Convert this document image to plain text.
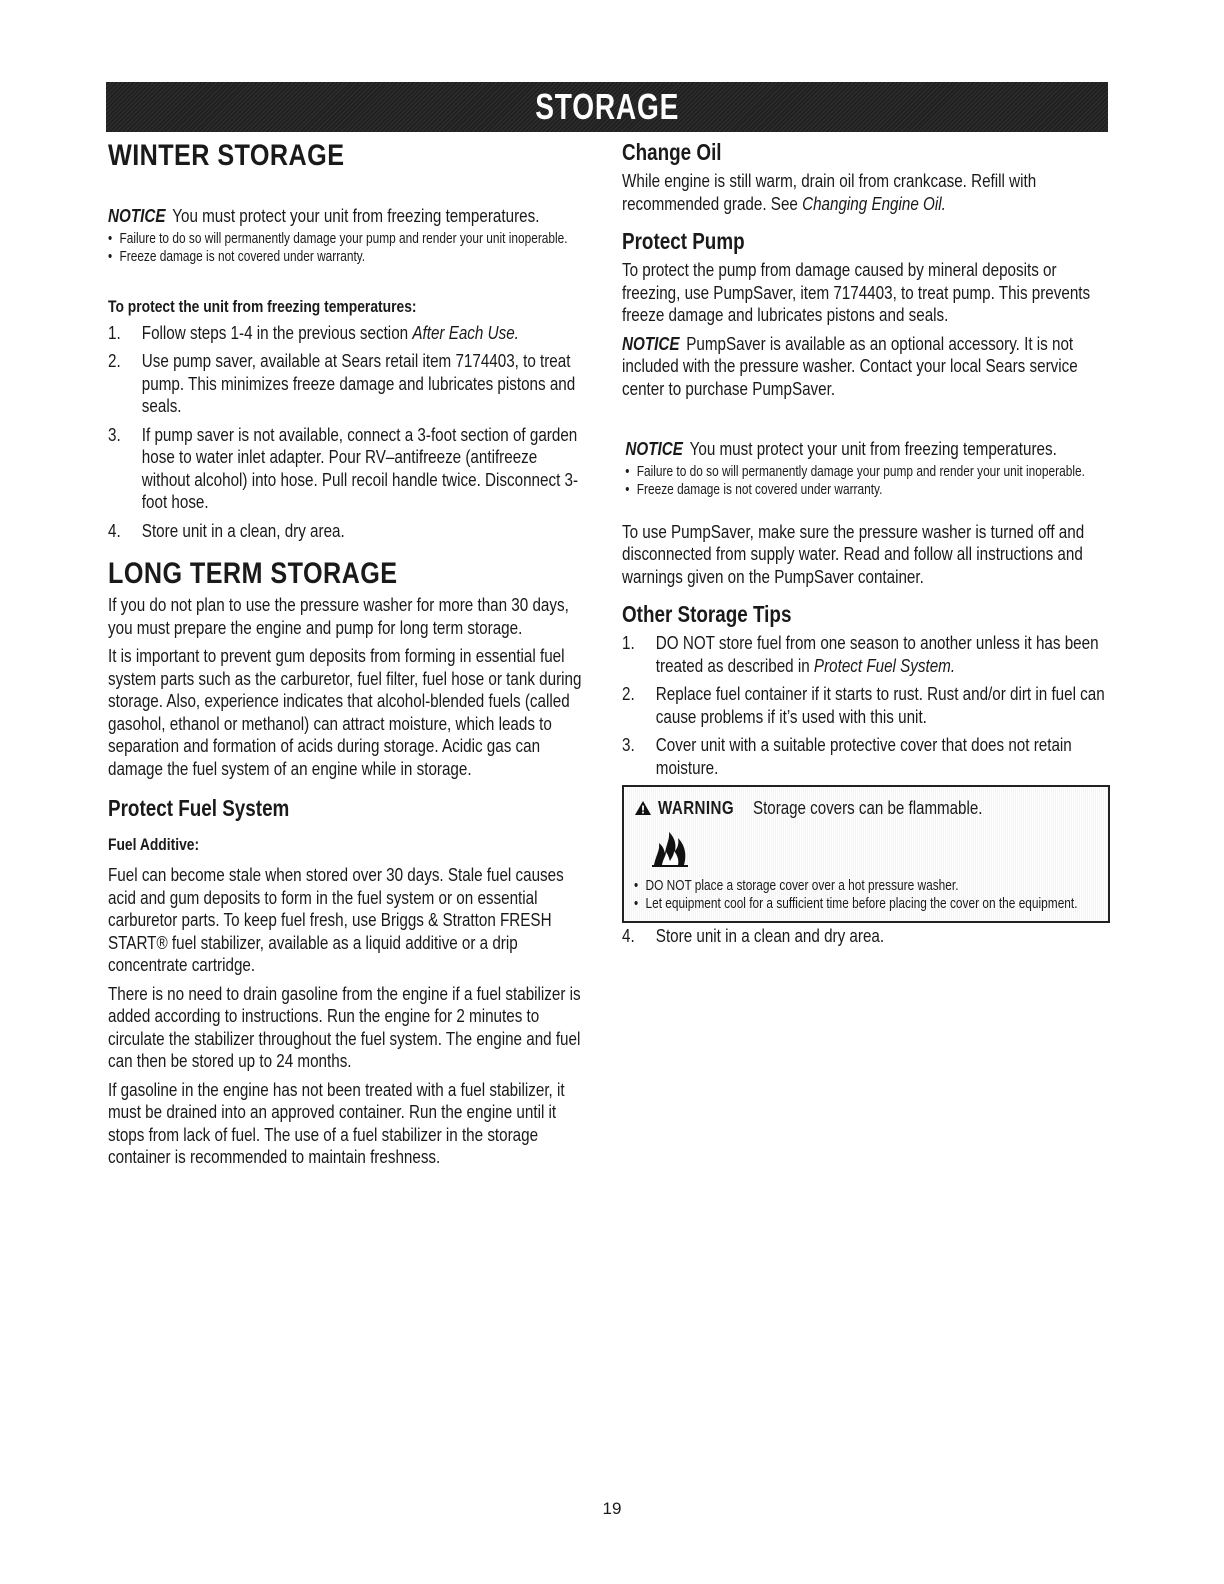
STORAGE
WINTER STORAGE

NOTICE You must protect your unit from freezing temperatures.

• Failure to do so will permanently damage your pump and render your unit inoperable.
• Freeze damage is not covered under warranty.
To protect the unit from freezing temperatures:
1. Follow steps 1-4 in the previous section After Each Use.
2. Use pump saver, available at Sears retail item 7174403, to treat pump. This minimizes freeze damage and lubricates pistons and seals.
3. If pump saver is not available, connect a 3-foot section of garden hose to water inlet adapter. Pour RV–antifreeze (antifreeze without alcohol) into hose. Pull recoil handle twice. Disconnect 3-foot hose.
4. Store unit in a clean, dry area.
LONG TERM STORAGE

If you do not plan to use the pressure washer for more than 30 days, you must prepare the engine and pump for long term storage.

It is important to prevent gum deposits from forming in essential fuel system parts such as the carburetor, fuel filter, fuel hose or tank during storage. Also, experience indicates that alcohol-blended fuels (called gasohol, ethanol or methanol) can attract moisture, which leads to separation and formation of acids during storage. Acidic gas can damage the fuel system of an engine while in storage.

Protect Fuel System
Fuel Additive:

Fuel can become stale when stored over 30 days. Stale fuel causes acid and gum deposits to form in the fuel system or on essential carburetor parts. To keep fuel fresh, use Briggs & Stratton FRESH START® fuel stabilizer, available as a liquid additive or a drip concentrate cartridge.

There is no need to drain gasoline from the engine if a fuel stabilizer is added according to instructions. Run the engine for 2 minutes to circulate the stabilizer throughout the fuel system. The engine and fuel can then be stored up to 24 months.

If gasoline in the engine has not been treated with a fuel stabilizer, it must be drained into an approved container. Run the engine until it stops from lack of fuel. The use of a fuel stabilizer in the storage container is recommended to maintain freshness.

Change Oil

While engine is still warm, drain oil from crankcase. Refill with recommended grade. See Changing Engine Oil.

Protect Pump

To protect the pump from damage caused by mineral deposits or freezing, use PumpSaver, item 7174403, to treat pump. This prevents freeze damage and lubricates pistons and seals.

NOTICE PumpSaver is available as an optional accessory. It is not included with the pressure washer. Contact your local Sears service center to purchase PumpSaver.

NOTICE You must protect your unit from freezing temperatures.

• Failure to do so will permanently damage your pump and render your unit inoperable.
• Freeze damage is not covered under warranty.

To use PumpSaver, make sure the pressure washer is turned off and disconnected from supply water. Read and follow all instructions and warnings given on the PumpSaver container.

Other Storage Tips
1. DO NOT store fuel from one season to another unless it has been treated as described in Protect Fuel System.
2. Replace fuel container if it starts to rust. Rust and/or dirt in fuel can cause problems if it’s used with this unit.
3. Cover unit with a suitable protective cover that does not retain moisture.
WARNING Storage covers can be flammable.
• DO NOT place a storage cover over a hot pressure washer.
• Let equipment cool for a sufficient time before placing the cover on the equipment.
4. Store unit in a clean and dry area.
19
